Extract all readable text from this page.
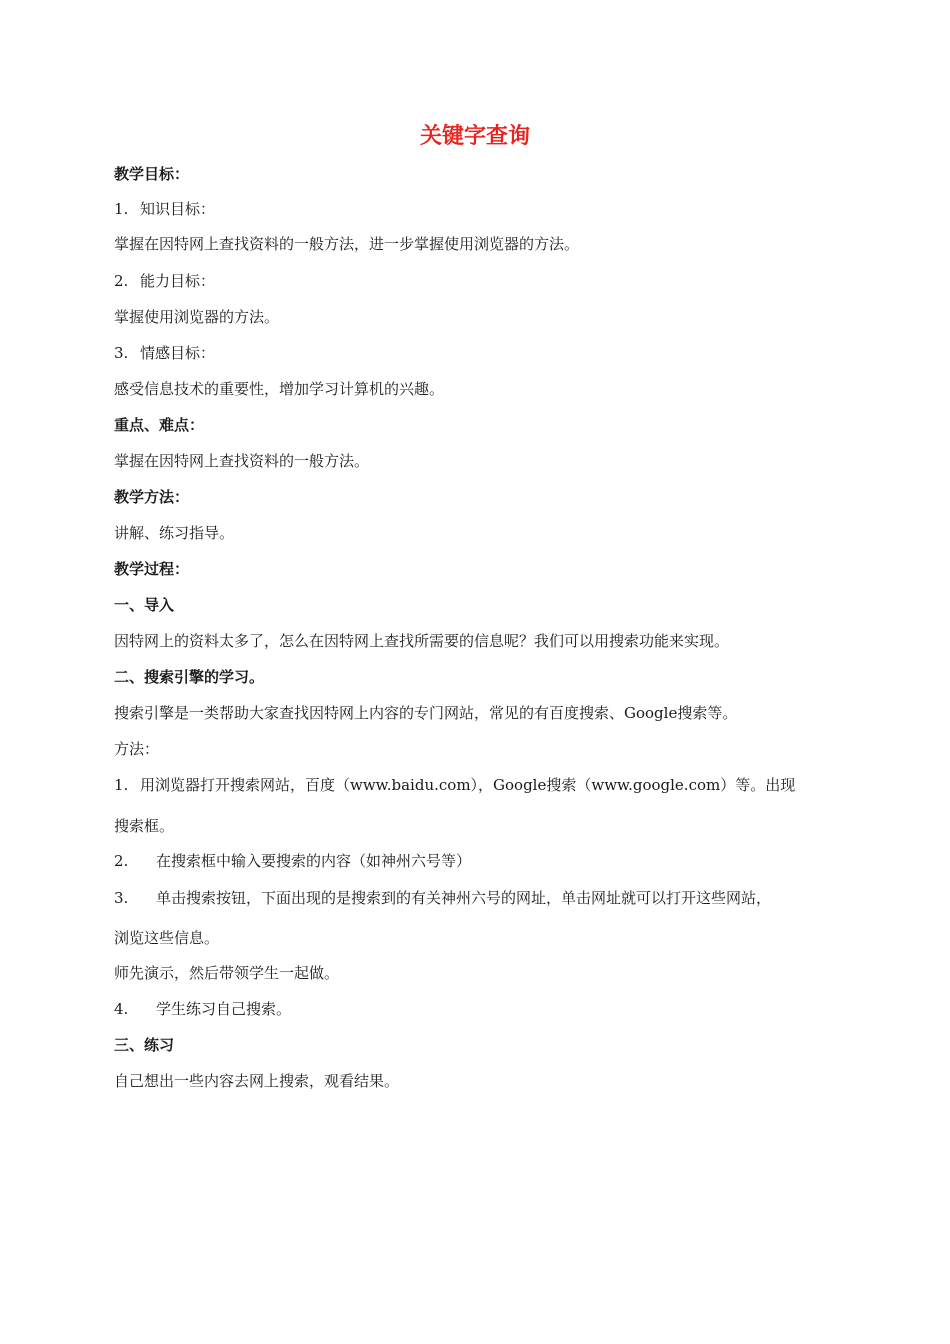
关键字查询
教学目标：
1. 知识目标：
掌握在因特网上查找资料的一般方法，进一步掌握使用浏览器的方法。
2. 能力目标：
掌握使用浏览器的方法。
3. 情感目标：
感受信息技术的重要性，增加学习计算机的兴趣。
重点、难点：
掌握在因特网上查找资料的一般方法。
教学方法：
讲解、练习指导。
教学过程：
一、导入
因特网上的资料太多了，怎么在因特网上查找所需要的信息呢？我们可以用搜索功能来实现。
二、搜索引擎的学习。
搜索引擎是一类帮助大家查找因特网上内容的专门网站，常见的有百度搜索、Google搜索等。
方法：
1. 用浏览器打开搜索网站，百度（www.baidu.com），Google搜索（www.google.com）等。出现
搜索框。
2. 在搜索框中输入要搜索的内容（如神州六号等）
3. 单击搜索按钮，下面出现的是搜索到的有关神州六号的网址，单击网址就可以打开这些网站，
浏览这些信息。
师先演示，然后带领学生一起做。
4. 学生练习自己搜索。
三、练习
自己想出一些内容去网上搜索，观看结果。
